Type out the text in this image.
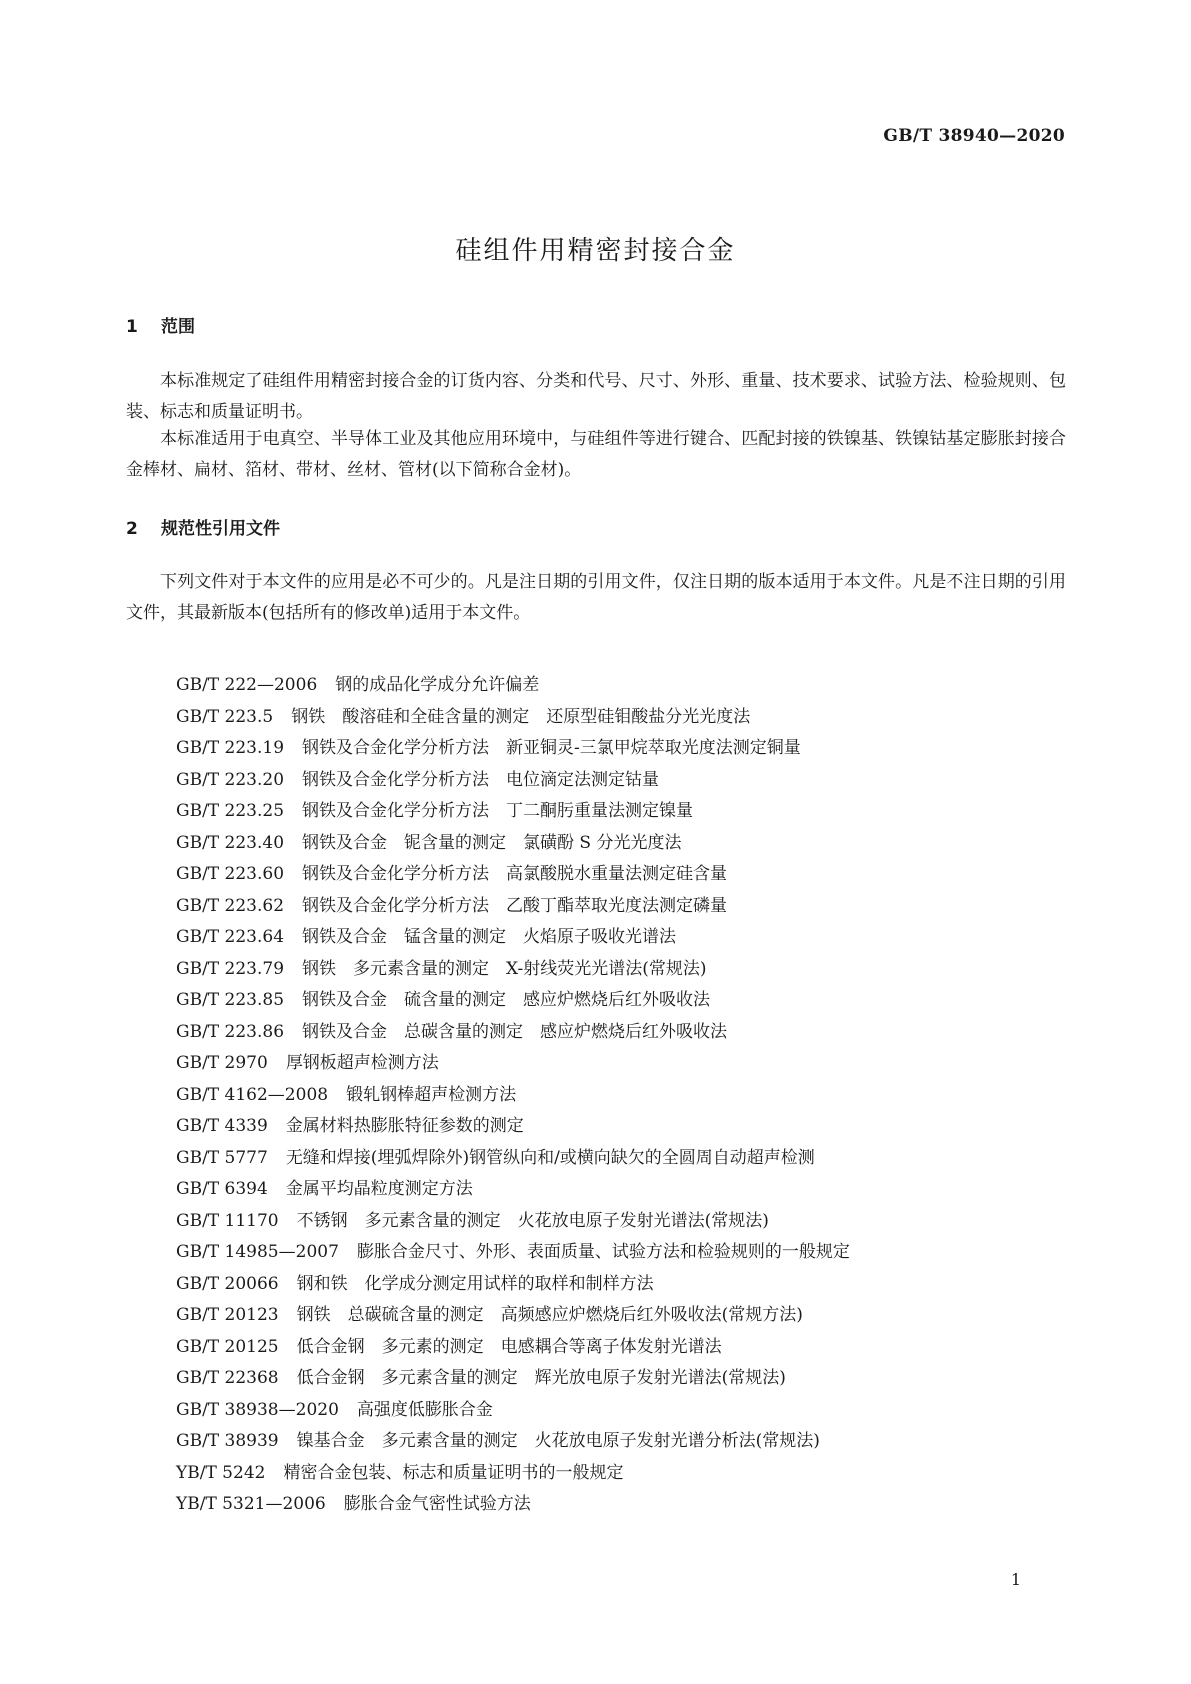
GB/T 38940—2020
硅组件用精密封接合金
1 范围

本标准规定了硅组件用精密封接合金的订货内容、分类和代号、尺寸、外形、重量、技术要求、试验方法、检验规则、包装、标志和质量证明书。

本标准适用于电真空、半导体工业及其他应用环境中，与硅组件等进行键合、匹配封接的铁镍基、铁镍钴基定膨胀封接合金棒材、扁材、箔材、带材、丝材、管材(以下简称合金材)。

2 规范性引用文件

下列文件对于本文件的应用是必不可少的。凡是注日期的引用文件，仅注日期的版本适用于本文件。凡是不注日期的引用文件，其最新版本(包括所有的修改单)适用于本文件。

GB/T 222—2006 钢的成品化学成分允许偏差
GB/T 223.5 钢铁　酸溶硅和全硅含量的测定　还原型硅钼酸盐分光光度法
GB/T 223.19 钢铁及合金化学分析方法　新亚铜灵-三氯甲烷萃取光度法测定铜量
GB/T 223.20 钢铁及合金化学分析方法　电位滴定法测定钴量
GB/T 223.25 钢铁及合金化学分析方法　丁二酮肟重量法测定镍量
GB/T 223.40 钢铁及合金　铌含量的测定　氯磺酚 S 分光光度法
GB/T 223.60 钢铁及合金化学分析方法　高氯酸脱水重量法测定硅含量
GB/T 223.62 钢铁及合金化学分析方法　乙酸丁酯萃取光度法测定磷量
GB/T 223.64 钢铁及合金　锰含量的测定　火焰原子吸收光谱法
GB/T 223.79 钢铁　多元素含量的测定　X-射线荧光光谱法(常规法)
GB/T 223.85 钢铁及合金　硫含量的测定　感应炉燃烧后红外吸收法
GB/T 223.86 钢铁及合金　总碳含量的测定　感应炉燃烧后红外吸收法
GB/T 2970 厚钢板超声检测方法
GB/T 4162—2008 锻轧钢棒超声检测方法
GB/T 4339 金属材料热膨胀特征参数的测定
GB/T 5777 无缝和焊接(埋弧焊除外)钢管纵向和/或横向缺欠的全圆周自动超声检测
GB/T 6394 金属平均晶粒度测定方法
GB/T 11170 不锈钢　多元素含量的测定　火花放电原子发射光谱法(常规法)
GB/T 14985—2007 膨胀合金尺寸、外形、表面质量、试验方法和检验规则的一般规定
GB/T 20066 钢和铁　化学成分测定用试样的取样和制样方法
GB/T 20123 钢铁　总碳硫含量的测定　高频感应炉燃烧后红外吸收法(常规方法)
GB/T 20125 低合金钢　多元素的测定　电感耦合等离子体发射光谱法
GB/T 22368 低合金钢　多元素含量的测定　辉光放电原子发射光谱法(常规法)
GB/T 38938—2020 高强度低膨胀合金
GB/T 38939 镍基合金　多元素含量的测定　火花放电原子发射光谱分析法(常规法)
YB/T 5242 精密合金包装、标志和质量证明书的一般规定
YB/T 5321—2006 膨胀合金气密性试验方法
1
